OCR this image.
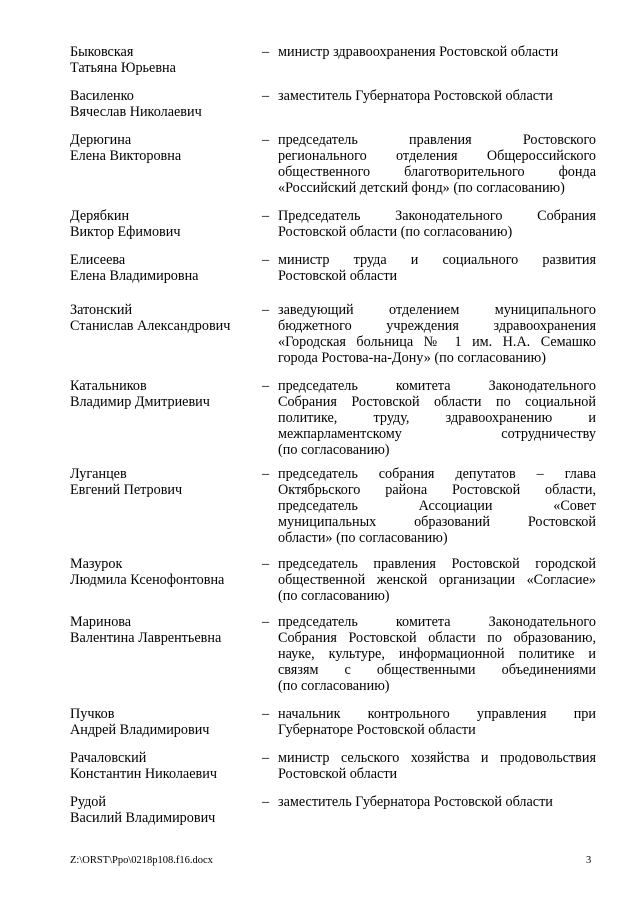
Быковская
Татьяна Юрьевна
– министр здравоохранения Ростовской области
Василенко
Вячеслав Николаевич
– заместитель Губернатора Ростовской области
Дерюгина
Елена Викторовна
– председатель правления Ростовского
регионального отделения Общероссийского
общественного благотворительного фонда
«Российский детский фонд» (по согласованию)
Дерябкин
Виктор Ефимович
– Председатель Законодательного Собрания
Ростовской области (по согласованию)
Елисеева
Елена Владимировна
– министр труда и социального развития
Ростовской области
Затонский
Станислав Александрович
– заведующий отделением муниципального
бюджетного учреждения здравоохранения
«Городская больница № 1 им. Н.А. Семашко
города Ростова-на-Дону» (по согласованию)
Катальников
Владимир Дмитриевич
– председатель комитета Законодательного
Собрания Ростовской области по социальной
политике, труду, здравоохранению и
межпарламентскому сотрудничеству
(по согласованию)
Луганцев
Евгений Петрович
– председатель собрания депутатов – глава
Октябрьского района Ростовской области,
председатель Ассоциации «Совет
муниципальных образований Ростовской
области» (по согласованию)
Мазурок
Людмила Ксенофонтовна
– председатель правления Ростовской городской
общественной женской организации «Согласие»
(по согласованию)
Маринова
Валентина Лаврентьевна
– председатель комитета Законодательного
Собрания Ростовской области по образованию,
науке, культуре, информационной политике и
связям с общественными объединениями
(по согласованию)
Пучков
Андрей Владимирович
– начальник контрольного управления при
Губернаторе Ростовской области
Рачаловский
Константин Николаевич
– министр сельского хозяйства и продовольствия
Ростовской области
Рудой
Василий Владимирович
– заместитель Губернатора Ростовской области
Z:\ORST\Ppo\0218p108.f16.docx	3
